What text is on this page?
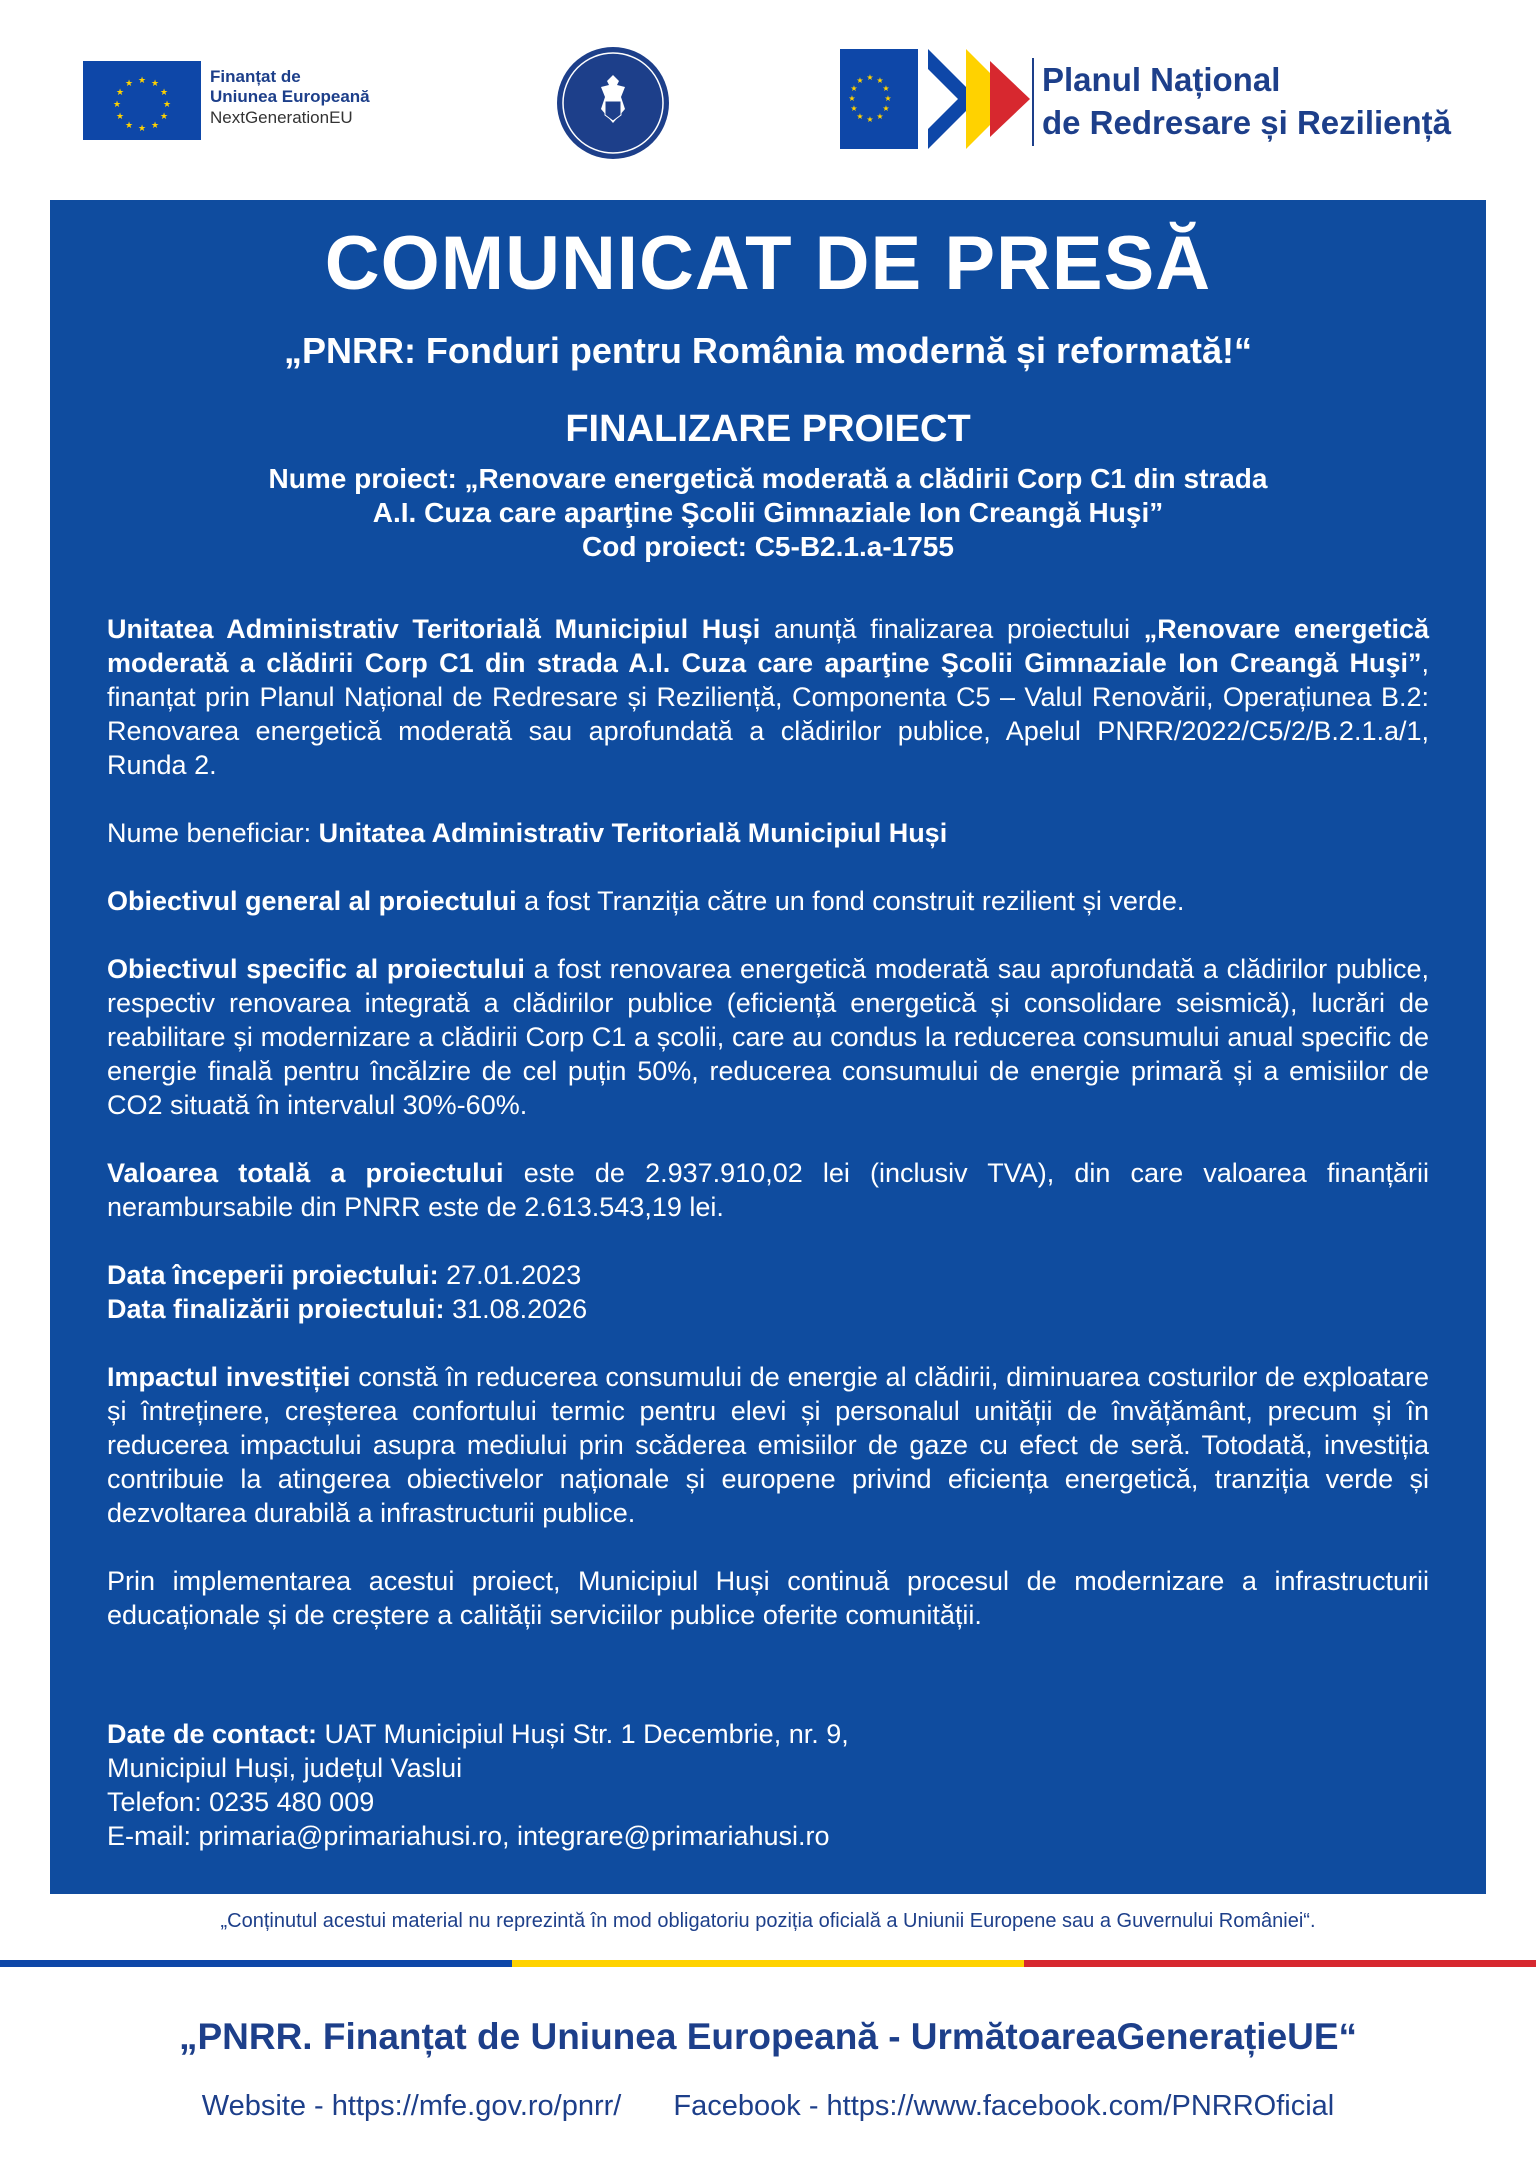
★ ★
★
★
★
★
★
★
★
★
★
★	Finanțat de
Uniunea Europeană
NextGenerationEU
★ ★
★
★
★
★
★
★
★
★
★
★	Planul Național
de Redresare și Reziliență
COMUNICAT DE PRESĂ
„PNRR: Fonduri pentru România modernă și reformată!“
FINALIZARE PROIECT
Nume proiect: „Renovare energetică moderată a clădirii Corp C1 din strada
A.I. Cuza care aparţine Şcolii Gimnaziale Ion Creangă Huşi”
Cod proiect: C5-B2.1.a-1755

Unitatea Administrativ Teritorială Municipiul Huși anunță finalizarea proiectului „Renovare energetică moderată a clădirii Corp C1 din strada A.I. Cuza care aparţine Şcolii Gimnaziale Ion Creangă Huşi”, finanțat prin Planul Național de Redresare și Reziliență, Componenta C5 – Valul Renovării, Operațiunea B.2: Renovarea energetică moderată sau aprofundată a clădirilor publice, Apelul PNRR/2022/C5/2/B.2.1.a/1, Runda 2.

Nume beneficiar: Unitatea Administrativ Teritorială Municipiul Huși

Obiectivul general al proiectului a fost Tranziția către un fond construit rezilient și verde.

Obiectivul specific al proiectului a fost renovarea energetică moderată sau aprofundată a clădirilor publice, respectiv renovarea integrată a clădirilor publice (eficiență energetică și consolidare seismică), lucrări de reabilitare și modernizare a clădirii Corp C1 a școlii, care au condus la reducerea consumului anual specific de energie finală pentru încălzire de cel puțin 50%, reducerea consumului de energie primară și a emisiilor de CO2 situată în intervalul 30%-60%.

Valoarea totală a proiectului este de 2.937.910,02 lei (inclusiv TVA), din care valoarea finanțării nerambursabile din PNRR este de 2.613.543,19 lei.

Data începerii proiectului: 27.01.2023

Data finalizării proiectului: 31.08.2026

Impactul investiției constă în reducerea consumului de energie al clădirii, diminuarea costurilor de exploatare și întreținere, creșterea confortului termic pentru elevi și personalul unității de învățământ, precum și în reducerea impactului asupra mediului prin scăderea emisiilor de gaze cu efect de seră. Totodată, investiția contribuie la atingerea obiectivelor naționale și europene privind eficiența energetică, tranziția verde și dezvoltarea durabilă a infrastructurii publice.

Prin implementarea acestui proiect, Municipiul Huși continuă procesul de modernizare a infrastructurii educaționale și de creștere a calității serviciilor publice oferite comunității.

Date de contact: UAT Municipiul Huși Str. 1 Decembrie, nr. 9,
Municipiul Huși, județul Vaslui
Telefon: 0235 480 009
E-mail: primaria@primariahusi.ro, integrare@primariahusi.ro
„Conținutul acestui material nu reprezintă în mod obligatoriu poziția oficială a Uniunii Europene sau a Guvernului României“.
„PNRR. Finanțat de Uniunea Europeană - UrmătoareaGenerațieUE“
Website - https://mfe.gov.ro/pnrr/ Facebook - https://www.facebook.com/PNRROficial
